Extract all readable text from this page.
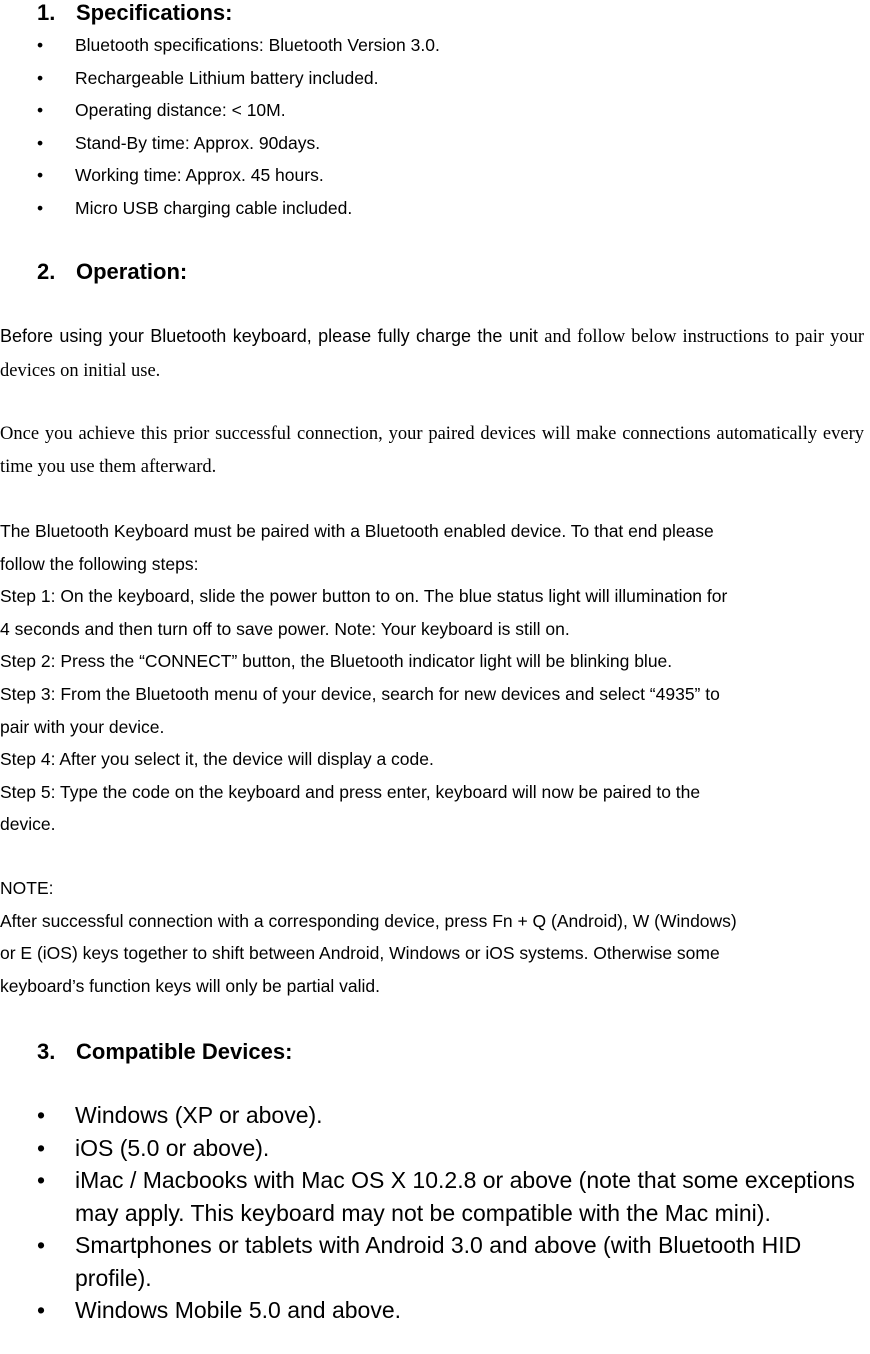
1. Specifications:
• Bluetooth specifications: Bluetooth Version 3.0.
• Rechargeable Lithium battery included.
• Operating distance: < 10M.
• Stand-By time: Approx. 90days.
• Working time: Approx. 45 hours.
• Micro USB charging cable included.
2. Operation:

Before using your Bluetooth keyboard, please fully charge the unit and follow below instructions to pair your devices on initial use.

Once you achieve this prior successful connection, your paired devices will make connections automatically every time you use them afterward.

The Bluetooth Keyboard must be paired with a Bluetooth enabled device. To that end please
follow the following steps:
Step 1: On the keyboard, slide the power button to on. The blue status light will illumination for
4 seconds and then turn off to save power. Note: Your keyboard is still on.
Step 2: Press the “CONNECT” button, the Bluetooth indicator light will be blinking blue.
Step 3: From the Bluetooth menu of your device, search for new devices and select “4935” to
pair with your device.
Step 4: After you select it, the device will display a code.
Step 5: Type the code on the keyboard and press enter, keyboard will now be paired to the
device.
NOTE:
After successful connection with a corresponding device, press Fn + Q (Android), W (Windows)
or E (iOS) keys together to shift between Android, Windows or iOS systems. Otherwise some
keyboard’s function keys will only be partial valid.
3. Compatible Devices:
• Windows (XP or above).
• iOS (5.0 or above).
• iMac / Macbooks with Mac OS X 10.2.8 or above (note that some exceptions may apply. This keyboard may not be compatible with the Mac mini).
• Smartphones or tablets with Android 3.0 and above (with Bluetooth HID profile).
• Windows Mobile 5.0 and above.
